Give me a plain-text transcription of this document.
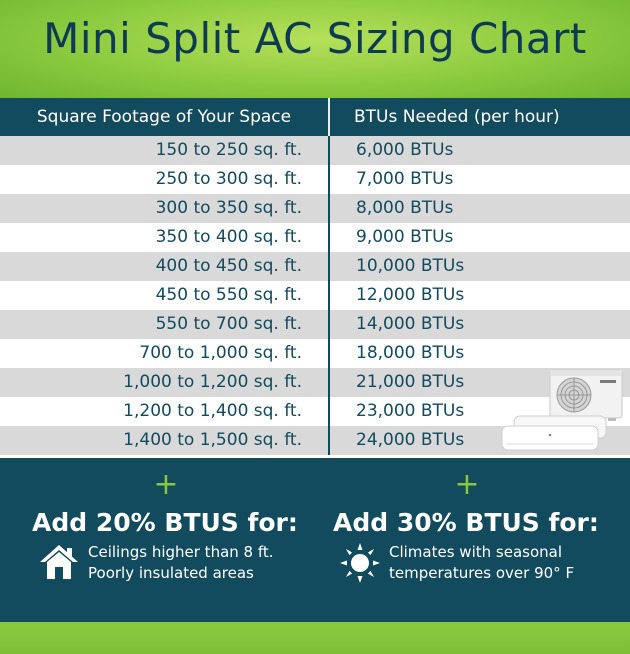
Mini Split AC Sizing Chart
Square Footage of Your Space	BTUs Needed (per hour)
150 to 250 sq. ft.	6,000 BTUs
250 to 300 sq. ft.	7,000 BTUs
300 to 350 sq. ft.	8,000 BTUs
350 to 400 sq. ft.	9,000 BTUs
400 to 450 sq. ft.	10,000 BTUs
450 to 550 sq. ft.	12,000 BTUs
550 to 700 sq. ft.	14,000 BTUs
700 to 1,000 sq. ft.	18,000 BTUs
1,000 to 1,200 sq. ft.	21,000 BTUs
1,200 to 1,400 sq. ft.	23,000 BTUs
1,400 to 1,500 sq. ft.	24,000 BTUs
+	+
Add 20% BTUS for: Add 30% BTUS for:
Ceilings higher than 8 ft.
Poorly insulated areas
Climates with seasonal
temperatures over 90° F
